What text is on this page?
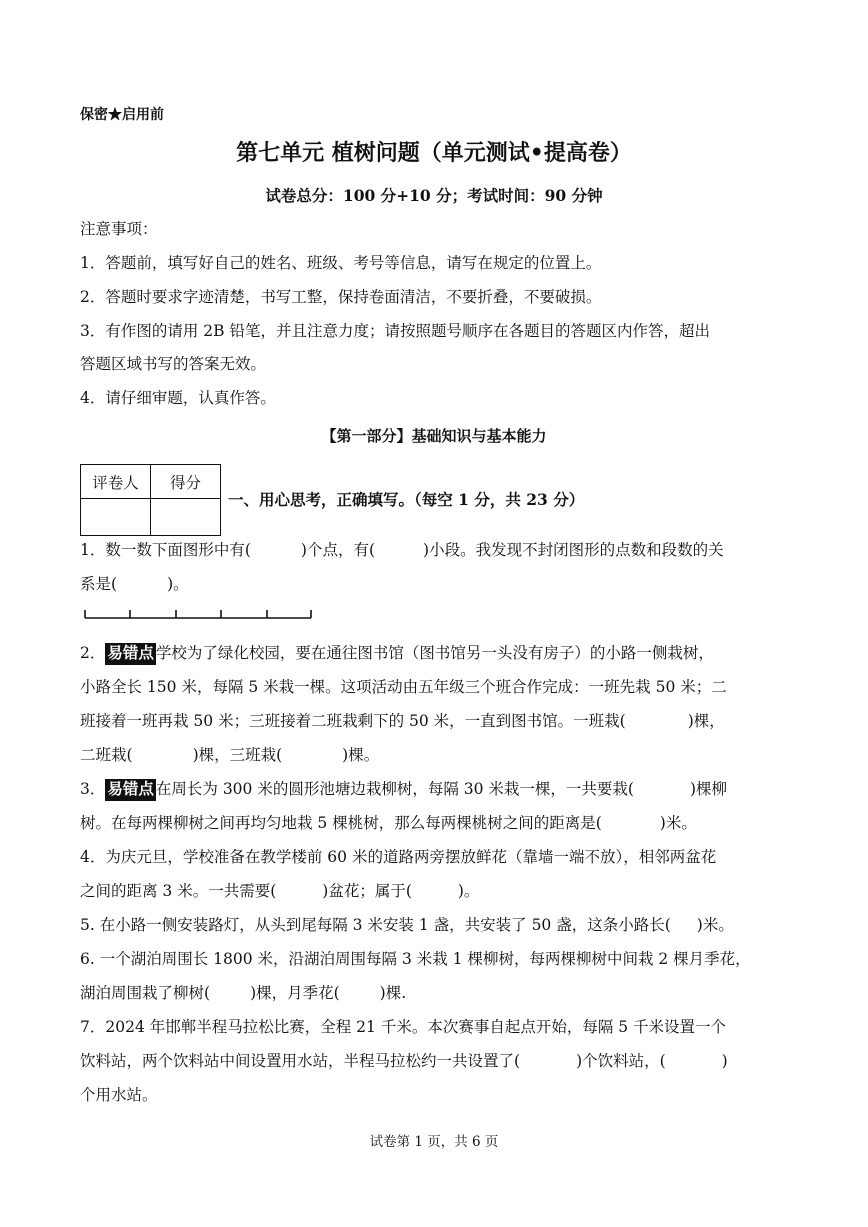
保密★启用前
第七单元 植树问题（单元测试•提高卷）
试卷总分：100 分+10 分；考试时间：90 分钟
注意事项：
1．答题前，填写好自己的姓名、班级、考号等信息，请写在规定的位置上。
2．答题时要求字迹清楚，书写工整，保持卷面清洁，不要折叠，不要破损。
3．有作图的请用 2B 铅笔，并且注意力度；请按照题号顺序在各题目的答题区内作答，超出
答题区域书写的答案无效。
4．请仔细审题，认真作答。
【第一部分】基础知识与基本能力
评卷人	得分

一、用心思考，正确填写。（每空 1 分，共 23 分）
1．数一数下面图形中有(	)个点，有(	)小段。我发现不封闭图形的点数和段数的关
系是(	)。
2． 易错点 学校为了绿化校园，要在通往图书馆（图书馆另一头没有房子）的小路一侧栽树，
小路全长 150 米，每隔 5 米栽一棵。这项活动由五年级三个班合作完成：一班先栽 50 米；二
班接着一班再栽 50 米；三班接着二班栽剩下的 50 米，一直到图书馆。一班栽(	)棵，
二班栽(	)棵，三班栽(	)棵。
3． 易错点 在周长为 300 米的圆形池塘边栽柳树，每隔 30 米栽一棵，一共要栽(	)棵柳
树。在每两棵柳树之间再均匀地栽 5 棵桃树，那么每两棵桃树之间的距离是(	)米。
4．为庆元旦，学校准备在教学楼前 60 米的道路两旁摆放鲜花（靠墙一端不放），相邻两盆花
之间的距离 3 米。一共需要(	)盆花；属于(	)。
5. 在小路一侧安装路灯，从头到尾每隔 3 米安装 1 盏，共安装了 50 盏，这条小路长( )米。
6. 一个湖泊周围长 1800 米，沿湖泊周围每隔 3 米栽 1 棵柳树，每两棵柳树中间栽 2 棵月季花，
湖泊周围栽了柳树(	)棵，月季花(	)棵.
7．2024 年邯郸半程马拉松比赛，全程 21 千米。本次赛事自起点开始，每隔 5 千米设置一个
饮料站，两个饮料站中间设置用水站，半程马拉松约一共设置了(	)个饮料站，(	)
个用水站。
试卷第 1 页，共 6 页
